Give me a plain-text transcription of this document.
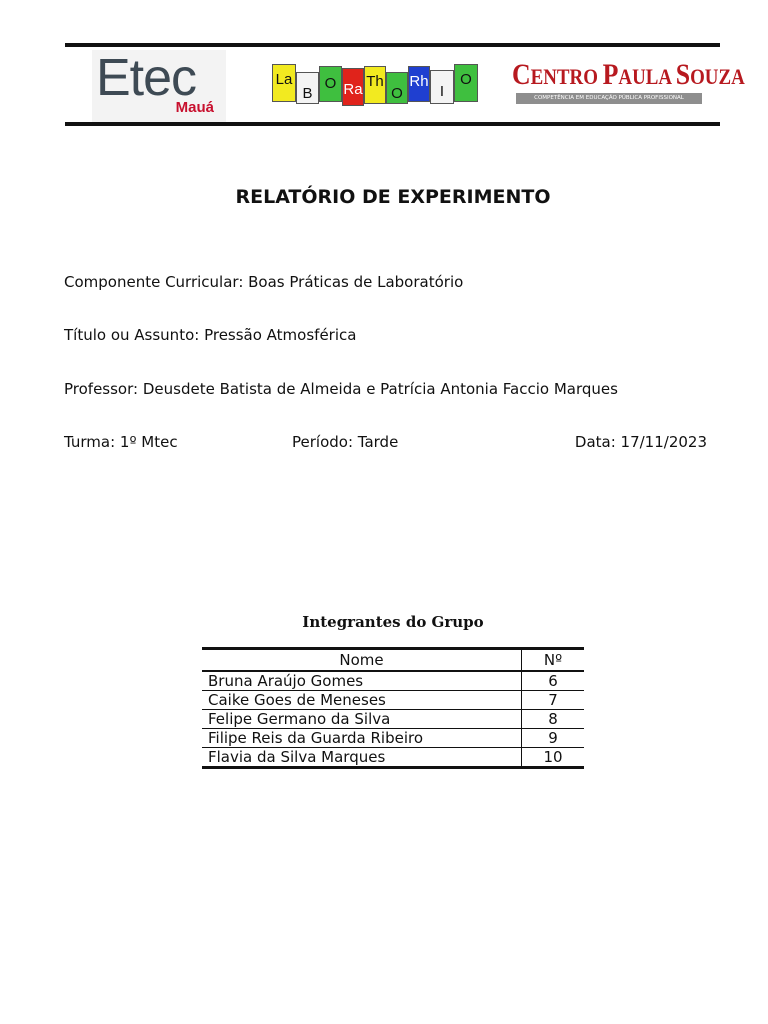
Etec
Mauá
La
B
O Ra Th
O
Rh
I
O CENTRO PAULA SOUZA
COMPETÊNCIA EM EDUCAÇÃO PÚBLICA PROFISSIONAL
RELATÓRIO DE EXPERIMENTO
Componente Curricular: Boas Práticas de Laboratório
Título ou Assunto: Pressão Atmosférica
Professor: Deusdete Batista de Almeida e Patrícia Antonia Faccio Marques
Turma: 1º Mtec	Período: Tarde	Data: 17/11/2023
Integrantes do Grupo
Nome	Nº
Bruna Araújo Gomes	6
Caike Goes de Meneses	7
Felipe Germano da Silva	8
Filipe Reis da Guarda Ribeiro	9
Flavia da Silva Marques	10
